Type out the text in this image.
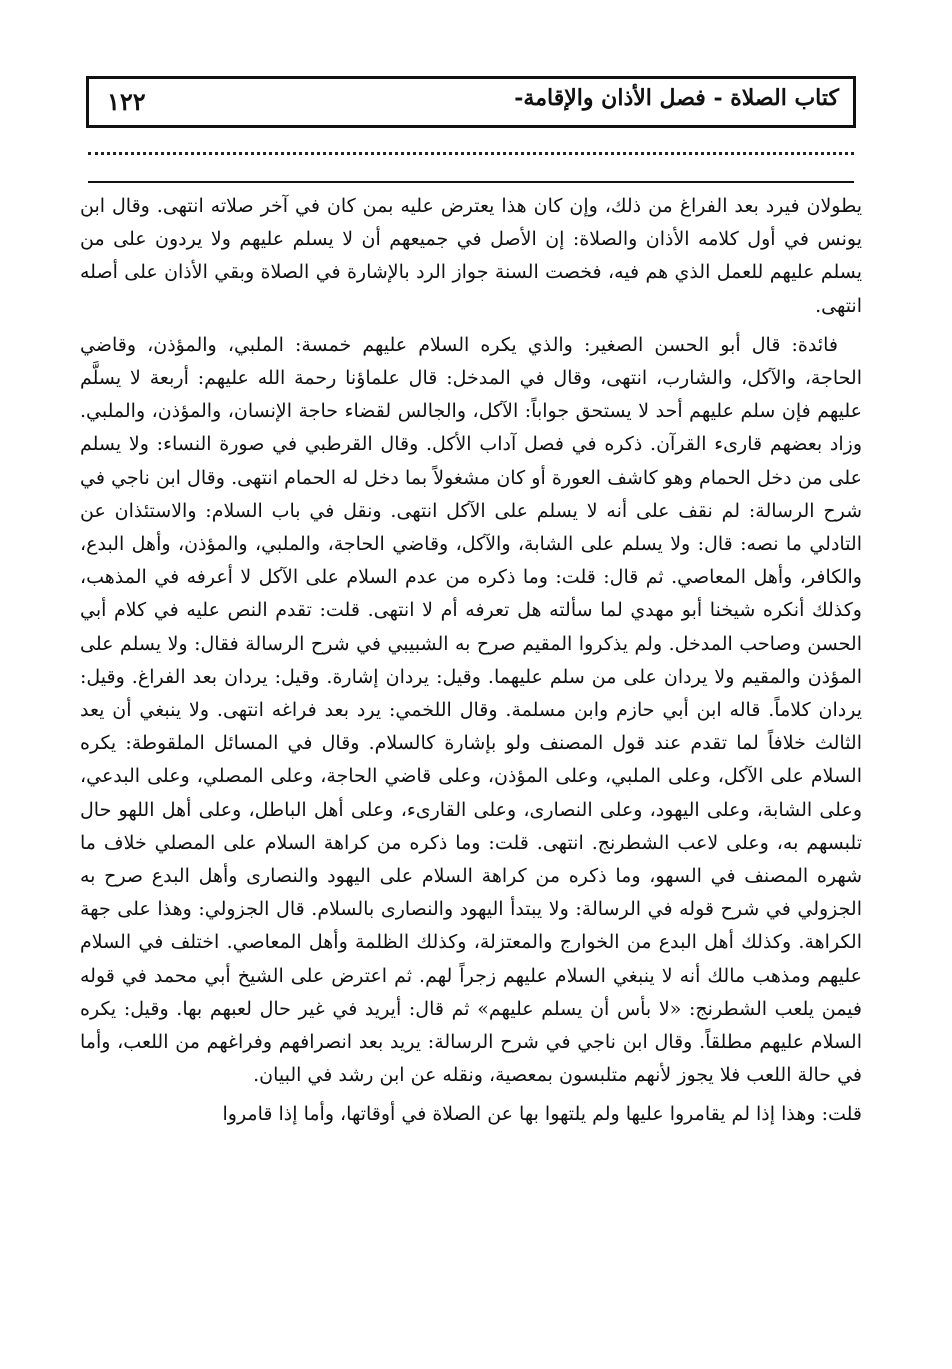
كتاب الصلاة - فصل الأذان والإقامة-
١٢٢

يطولان فيرد بعد الفراغ من ذلك، وإن كان هذا يعترض عليه بمن كان في آخر صلاته انتهى. وقال ابن يونس في أول كلامه الأذان والصلاة: إن الأصل في جميعهم أن لا يسلم عليهم ولا يردون على من يسلم عليهم للعمل الذي هم فيه، فخصت السنة جواز الرد بالإشارة في الصلاة وبقي الأذان على أصله انتهى.

فائدة: قال أبو الحسن الصغير: والذي يكره السلام عليهم خمسة: الملبي، والمؤذن، وقاضي الحاجة، والآكل، والشارب، انتهى، وقال في المدخل: قال علماؤنا رحمة الله عليهم: أربعة لا يسلَّم عليهم فإن سلم عليهم أحد لا يستحق جواباً: الآكل، والجالس لقضاء حاجة الإنسان، والمؤذن، والملبي. وزاد بعضهم قارىء القرآن. ذكره في فصل آداب الأكل. وقال القرطبي في صورة النساء: ولا يسلم على من دخل الحمام وهو كاشف العورة أو كان مشغولاً بما دخل له الحمام انتهى. وقال ابن ناجي في شرح الرسالة: لم نقف على أنه لا يسلم على الآكل انتهى. ونقل في باب السلام: والاستئذان عن التادلي ما نصه: قال: ولا يسلم على الشابة، والآكل، وقاضي الحاجة، والملبي، والمؤذن، وأهل البدع، والكافر، وأهل المعاصي. ثم قال: قلت: وما ذكره من عدم السلام على الآكل لا أعرفه في المذهب، وكذلك أنكره شيخنا أبو مهدي لما سألته هل تعرفه أم لا انتهى. قلت: تقدم النص عليه في كلام أبي الحسن وصاحب المدخل. ولم يذكروا المقيم صرح به الشبيبي في شرح الرسالة فقال: ولا يسلم على المؤذن والمقيم ولا يردان على من سلم عليهما. وقيل: يردان إشارة. وقيل: يردان بعد الفراغ. وقيل: يردان كلاماً. قاله ابن أبي حازم وابن مسلمة. وقال اللخمي: يرد بعد فراغه انتهى. ولا ينبغي أن يعد الثالث خلافاً لما تقدم عند قول المصنف ولو بإشارة كالسلام. وقال في المسائل الملقوطة: يكره السلام على الآكل، وعلى الملبي، وعلى المؤذن، وعلى قاضي الحاجة، وعلى المصلي، وعلى البدعي، وعلى الشابة، وعلى اليهود، وعلى النصارى، وعلى القارىء، وعلى أهل الباطل، وعلى أهل اللهو حال تلبسهم به، وعلى لاعب الشطرنج. انتهى. قلت: وما ذكره من كراهة السلام على المصلي خلاف ما شهره المصنف في السهو، وما ذكره من كراهة السلام على اليهود والنصارى وأهل البدع صرح به الجزولي في شرح قوله في الرسالة: ولا يبتدأ اليهود والنصارى بالسلام. قال الجزولي: وهذا على جهة الكراهة. وكذلك أهل البدع من الخوارج والمعتزلة، وكذلك الظلمة وأهل المعاصي. اختلف في السلام عليهم ومذهب مالك أنه لا ينبغي السلام عليهم زجراً لهم. ثم اعترض على الشيخ أبي محمد في قوله فيمن يلعب الشطرنج: «لا بأس أن يسلم عليهم» ثم قال: أيريد في غير حال لعبهم بها. وقيل: يكره السلام عليهم مطلقاً. وقال ابن ناجي في شرح الرسالة: يريد بعد انصرافهم وفراغهم من اللعب، وأما في حالة اللعب فلا يجوز لأنهم متلبسون بمعصية، ونقله عن ابن رشد في البيان.

قلت: وهذا إذا لم يقامروا عليها ولم يلتهوا بها عن الصلاة في أوقاتها، وأما إذا قامروا
